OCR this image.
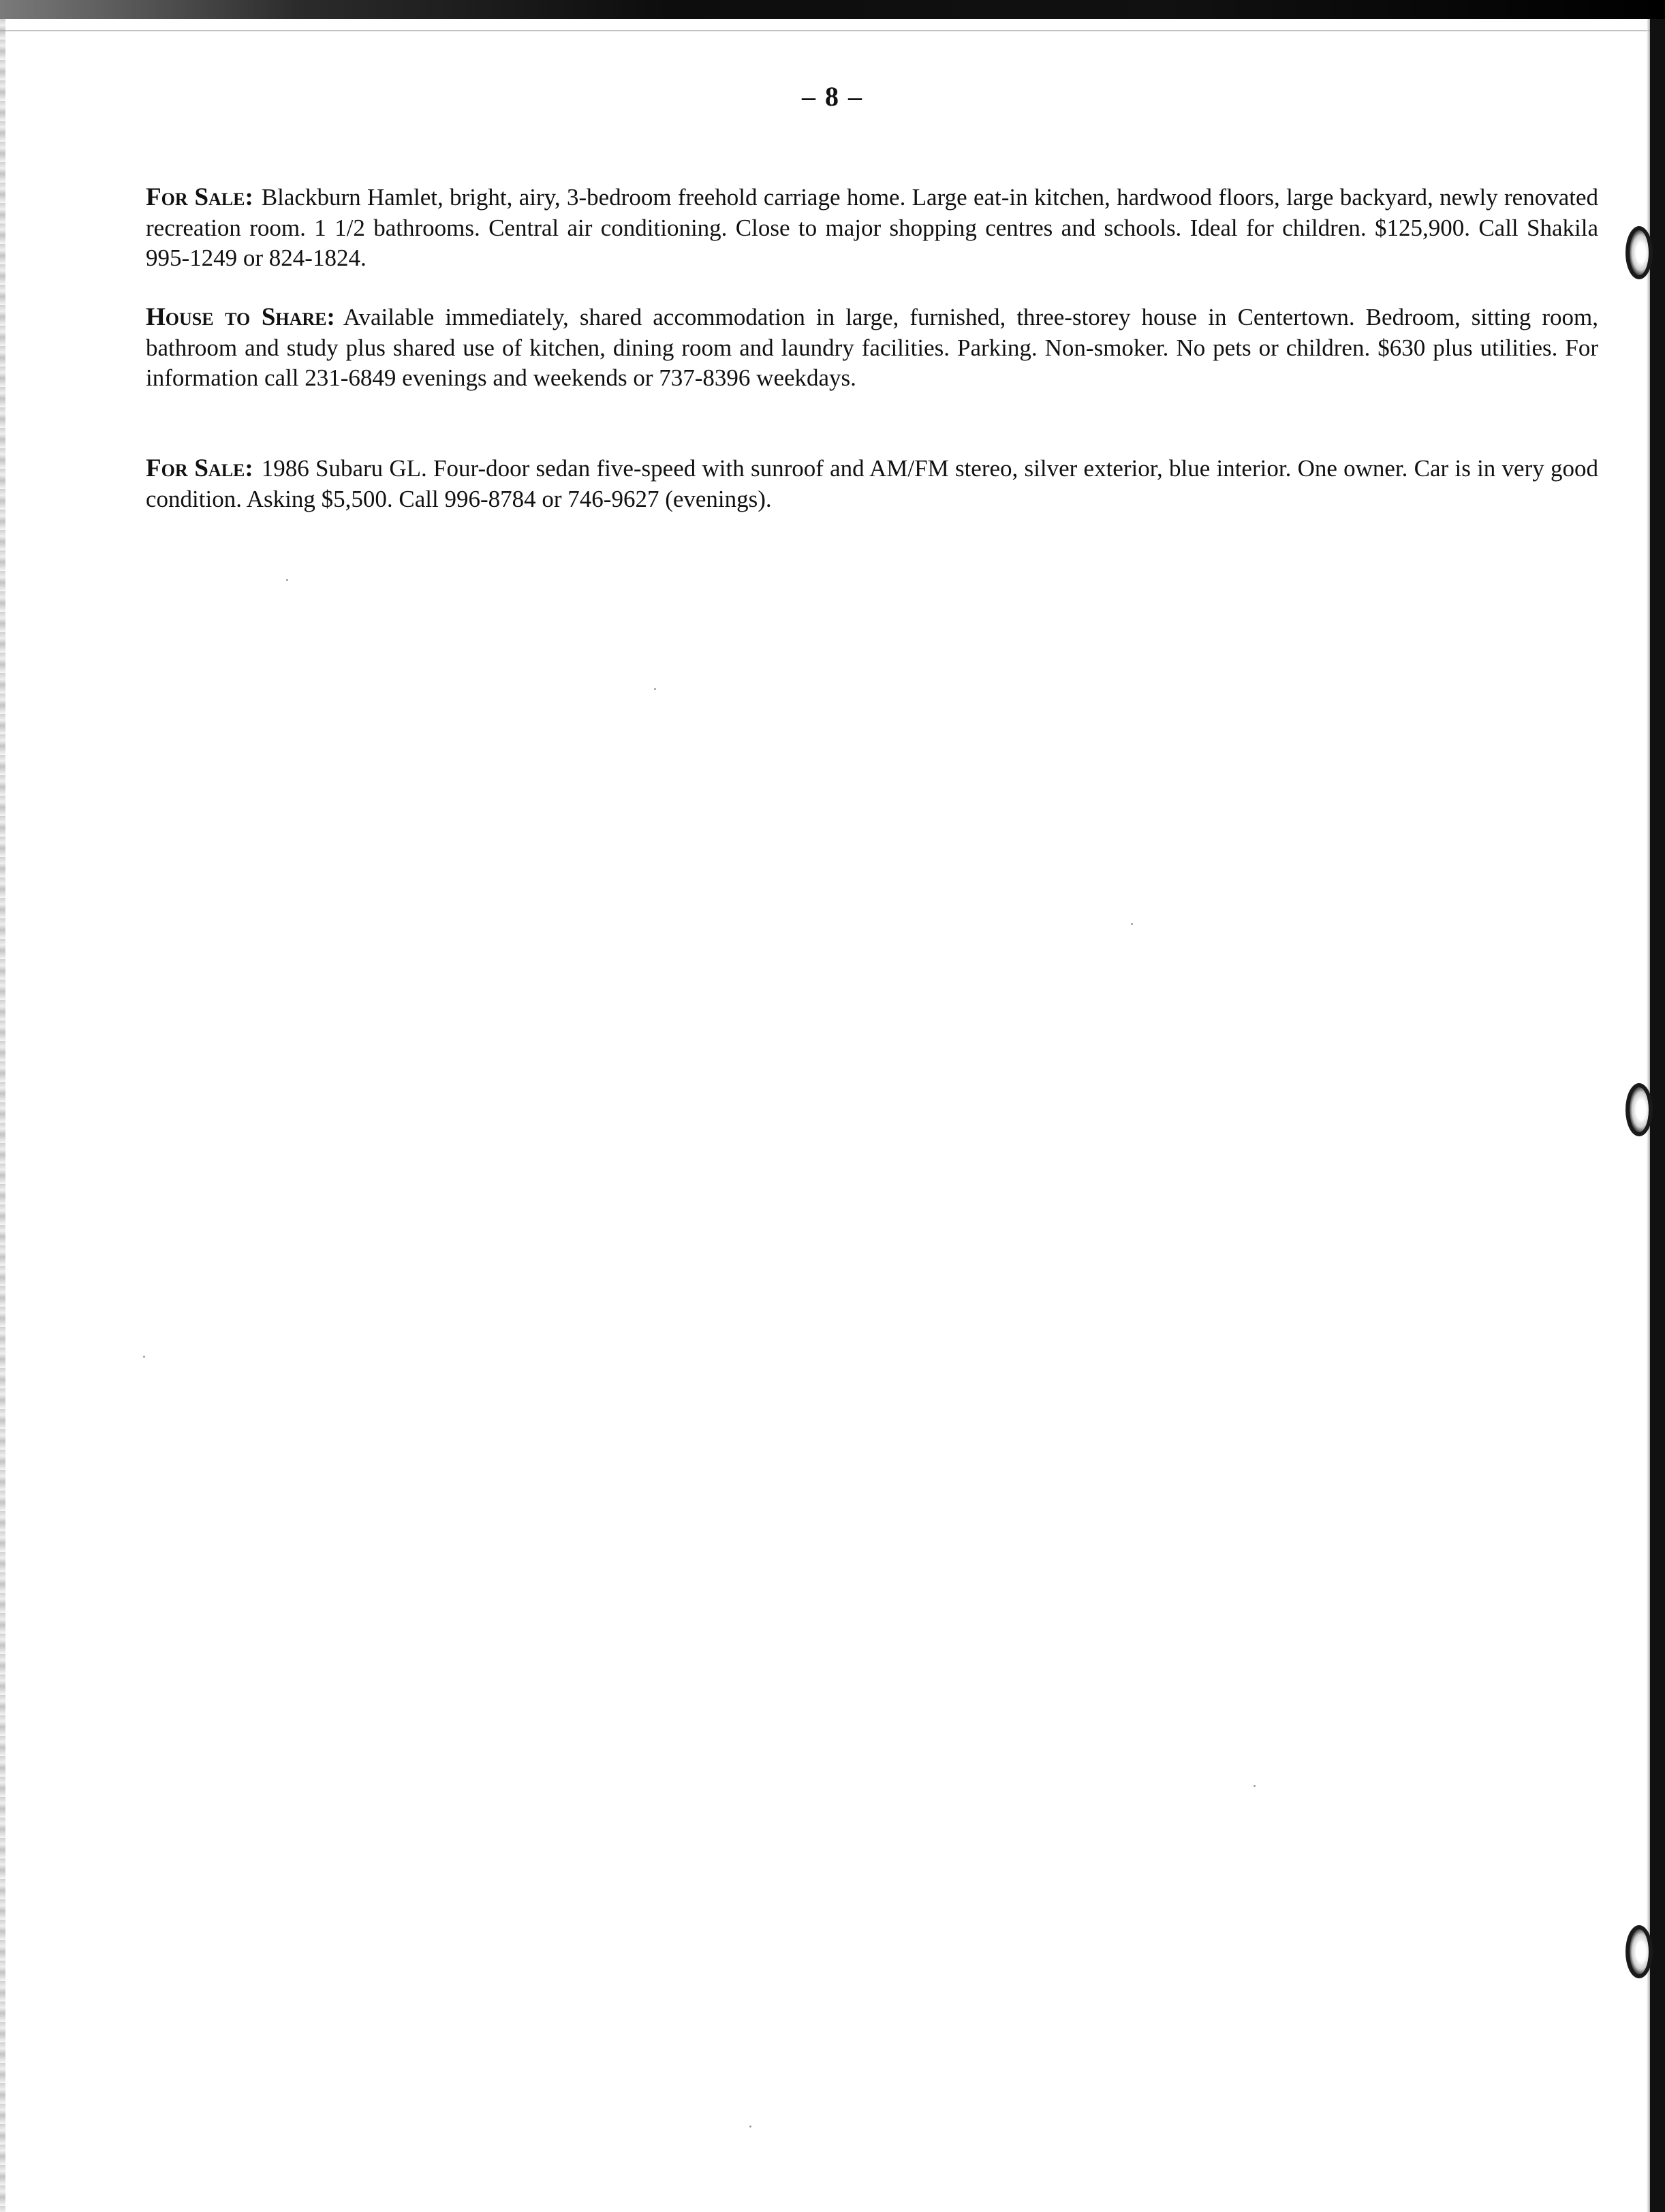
– 8 –
For Sale: Blackburn Hamlet, bright, airy, 3-bedroom freehold carriage home. Large eat-in kitchen, hardwood floors, large backyard, newly renovated recreation room. 1 1/2 bathrooms. Central air conditioning. Close to major shopping centres and schools. Ideal for children. $125,900. Call Shakila 995-1249 or 824-1824.
House to Share: Available immediately, shared accommodation in large, furnished, three-storey house in Centertown. Bedroom, sitting room, bathroom and study plus shared use of kitchen, dining room and laundry facilities. Parking. Non-smoker. No pets or children. $630 plus utilities. For information call 231-6849 evenings and weekends or 737-8396 weekdays.
For Sale: 1986 Subaru GL. Four-door sedan five-speed with sunroof and AM/FM stereo, silver exterior, blue interior. One owner. Car is in very good condition. Asking $5,500. Call 996-8784 or 746-9627 (evenings).
